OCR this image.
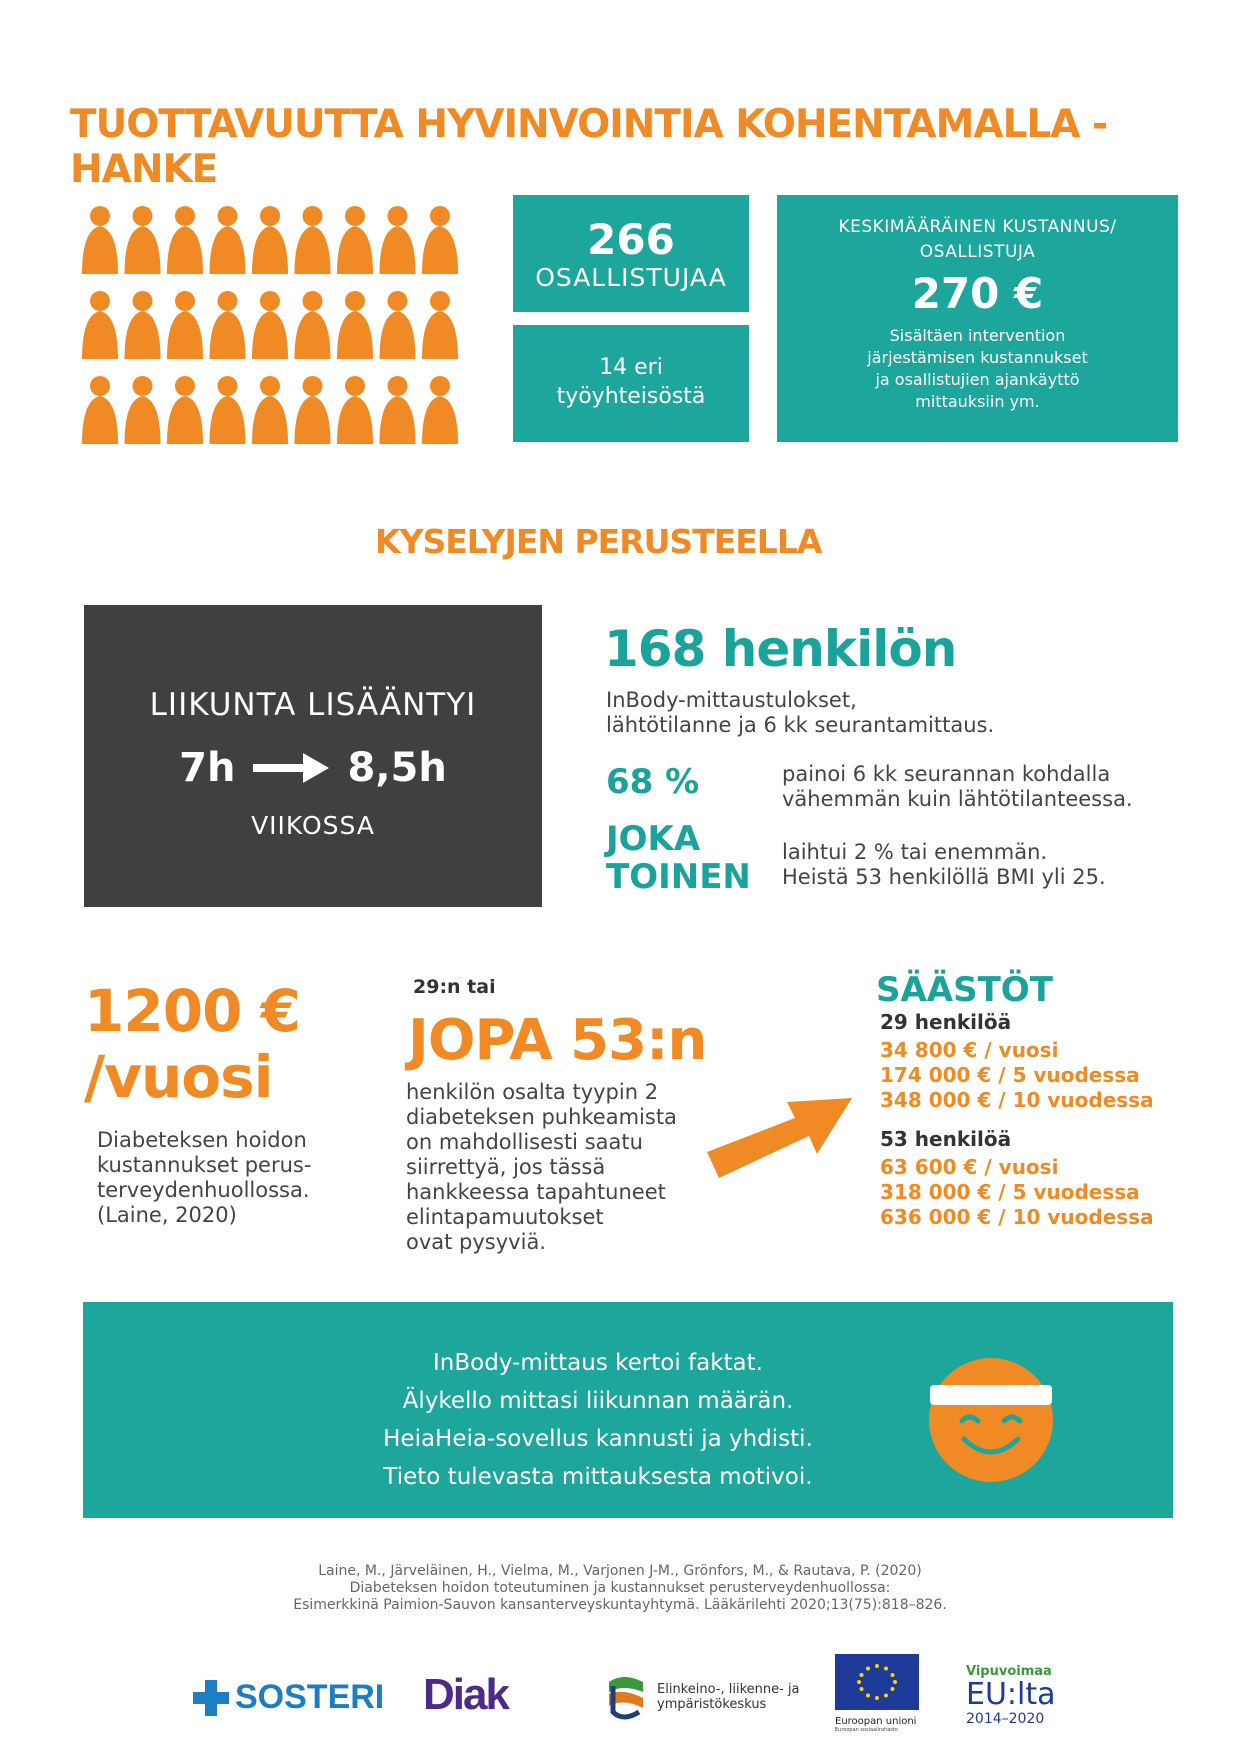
TUOTTAVUUTTA HYVINVOINTIA KOHENTAMALLA -HANKE
266
OSALLISTUJAA
14 eri
työyhteisöstä
KESKIMÄÄRÄINEN KUSTANNUS/
OSALLISTUJA
270 €
Sisältäen intervention
järjestämisen kustannukset
ja osallistujien ajankäyttö
mittauksiin ym.
KYSELYJEN PERUSTEELLA
LIIKUNTA LISÄÄNTYI
7h	8,5h
VIIKOSSA
168 henkilön
InBody-mittaustulokset,
lähtötilanne ja 6 kk seurantamittaus.
68 %	painoi 6 kk seurannan kohdalla
vähemmän kuin lähtötilanteessa.
JOKA
TOINEN
laihtui 2 % tai enemmän.
Heistä 53 henkilöllä BMI yli 25.
1200 €
/vuosi
Diabeteksen hoidon
kustannukset perus-
terveydenhuollossa.
(Laine, 2020)
29:n tai
JOPA 53:n
henkilön osalta tyypin 2
diabeteksen puhkeamista
on mahdollisesti saatu
siirrettyä, jos tässä
hankkeessa tapahtuneet
elintapamuutokset
ovat pysyviä.
SÄÄSTÖT
29 henkilöä
34 800 € / vuosi
174 000 € / 5 vuodessa
348 000 € / 10 vuodessa
53 henkilöä
63 600 € / vuosi
318 000 € / 5 vuodessa
636 000 € / 10 vuodessa
InBody-mittaus kertoi faktat.
Älykello mittasi liikunnan määrän.
HeiaHeia-sovellus kannusti ja yhdisti.
Tieto tulevasta mittauksesta motivoi.
Laine, M., Järveläinen, H., Vielma, M., Varjonen J-M., Grönfors, M., & Rautava, P. (2020)
Diabeteksen hoidon toteutuminen ja kustannukset perusterveydenhuollossa:
Esimerkkinä Paimion-Sauvon kansanterveyskuntayhtymä. Lääkärilehti 2020;13(75):818–826.
SOSTERI Diak	Elinkeino-, liikenne- ja
ympäristökeskus
Euroopan unioni
Euroopan sosiaalirahasto
Vipuvoimaa
EU:lta
2014–2020
